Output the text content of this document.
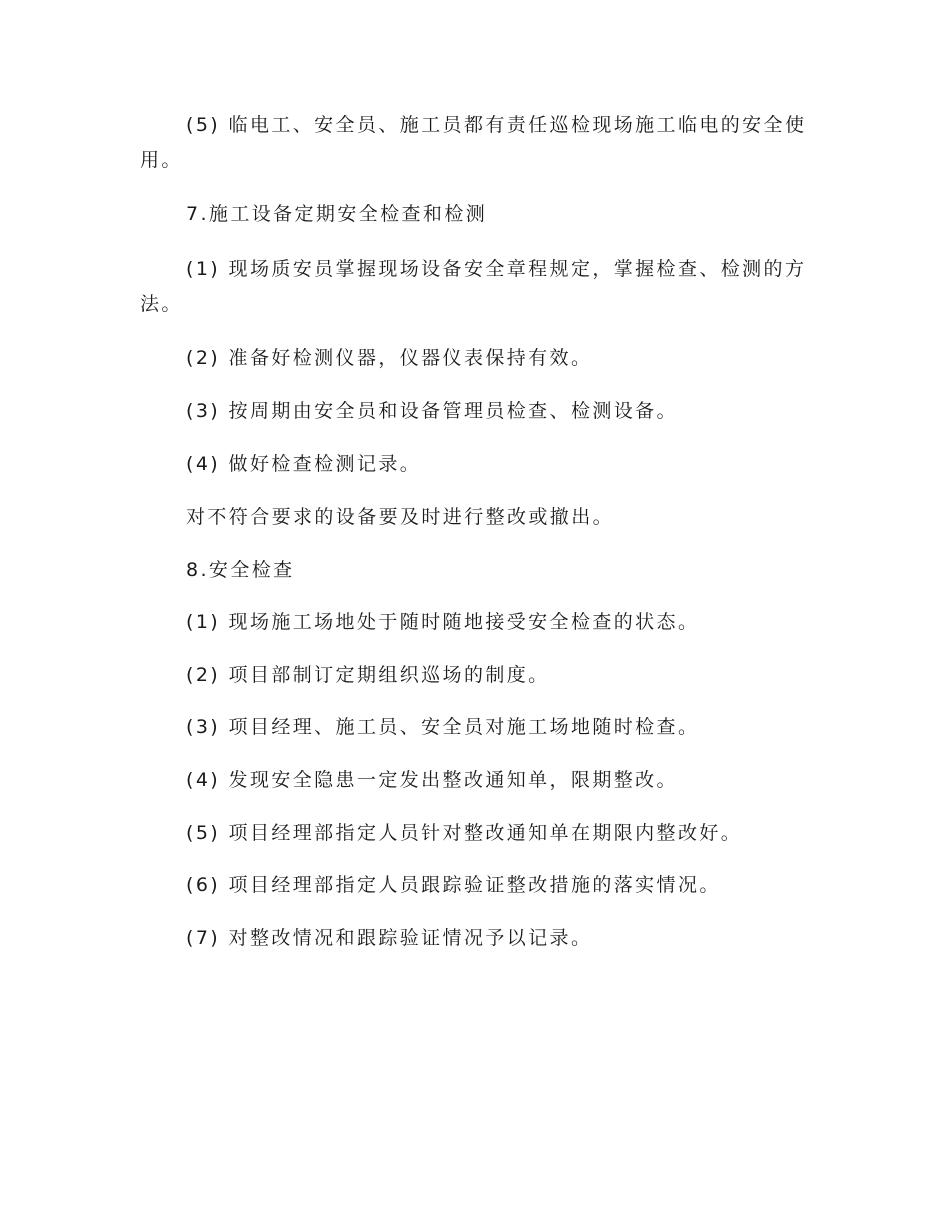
(5) 临电工、安全员、施工员都有责任巡检现场施工临电的安全使用。

7.施工设备定期安全检查和检测

(1) 现场质安员掌握现场设备安全章程规定，掌握检查、检测的方法。

(2) 准备好检测仪器，仪器仪表保持有效。

(3) 按周期由安全员和设备管理员检查、检测设备。

(4) 做好检查检测记录。

对不符合要求的设备要及时进行整改或撤出。

8.安全检查

(1) 现场施工场地处于随时随地接受安全检查的状态。

(2) 项目部制订定期组织巡场的制度。

(3) 项目经理、施工员、安全员对施工场地随时检查。

(4) 发现安全隐患一定发出整改通知单，限期整改。

(5) 项目经理部指定人员针对整改通知单在期限内整改好。

(6) 项目经理部指定人员跟踪验证整改措施的落实情况。

(7) 对整改情况和跟踪验证情况予以记录。
